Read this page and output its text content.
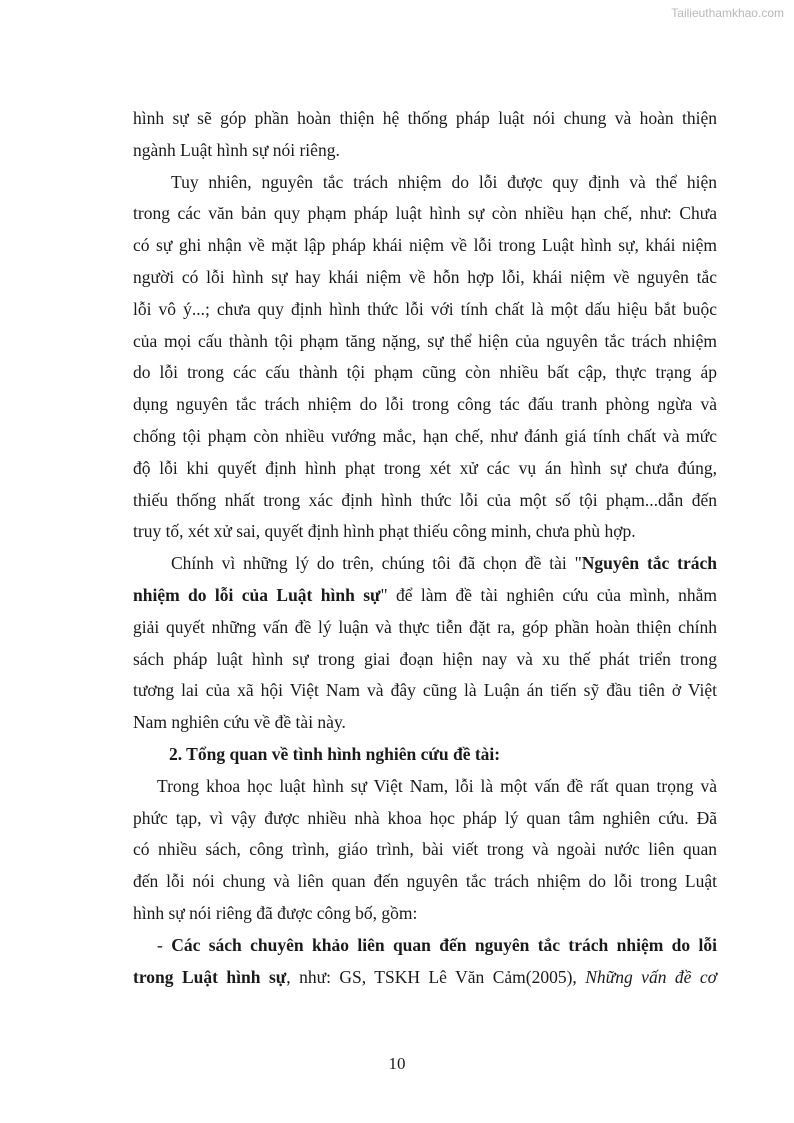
Tailieuthamkhao.com
hình sự sẽ góp phần hoàn thiện hệ thống pháp luật nói chung và hoàn thiện
ngành Luật hình sự nói riêng.
Tuy nhiên, nguyên tắc trách nhiệm do lỗi được quy định và thể hiện
trong các văn bản quy phạm pháp luật hình sự còn nhiều hạn chế, như: Chưa
có sự ghi nhận về mặt lập pháp khái niệm về lỗi trong Luật hình sự, khái niệm
người có lỗi hình sự hay khái niệm về hỗn hợp lỗi, khái niệm về nguyên tắc
lỗi vô ý...; chưa quy định hình thức lỗi với tính chất là một dấu hiệu bắt buộc
của mọi cấu thành tội phạm tăng nặng, sự thể hiện của nguyên tắc trách nhiệm
do lỗi trong các cấu thành tội phạm cũng còn nhiều bất cập, thực trạng áp
dụng nguyên tắc trách nhiệm do lỗi trong công tác đấu tranh phòng ngừa và
chống tội phạm còn nhiều vướng mắc, hạn chế, như đánh giá tính chất và mức
độ lỗi khi quyết định hình phạt trong xét xử các vụ án hình sự chưa đúng,
thiếu thống nhất trong xác định hình thức lỗi của một số tội phạm...dẫn đến
truy tố, xét xử sai, quyết định hình phạt thiếu công minh, chưa phù hợp.
Chính vì những lý do trên, chúng tôi đã chọn đề tài "Nguyên tắc trách
nhiệm do lỗi của Luật hình sự" để làm đề tài nghiên cứu của mình, nhằm
giải quyết những vấn đề lý luận và thực tiễn đặt ra, góp phần hoàn thiện chính
sách pháp luật hình sự trong giai đoạn hiện nay và xu thế phát triển trong
tương lai của xã hội Việt Nam và đây cũng là Luận án tiến sỹ đầu tiên ở Việt
Nam nghiên cứu về đề tài này.
2. Tổng quan về tình hình nghiên cứu đề tài:
Trong khoa học luật hình sự Việt Nam, lỗi là một vấn đề rất quan trọng và
phức tạp, vì vậy được nhiều nhà khoa học pháp lý quan tâm nghiên cứu. Đã
có nhiều sách, công trình, giáo trình, bài viết trong và ngoài nước liên quan
đến lỗi nói chung và liên quan đến nguyên tắc trách nhiệm do lỗi trong Luật
hình sự nói riêng đã được công bố, gồm:
- Các sách chuyên khảo liên quan đến nguyên tắc trách nhiệm do lỗi
trong Luật hình sự, như: GS, TSKH Lê Văn Cảm(2005), Những vấn đề cơ
10
